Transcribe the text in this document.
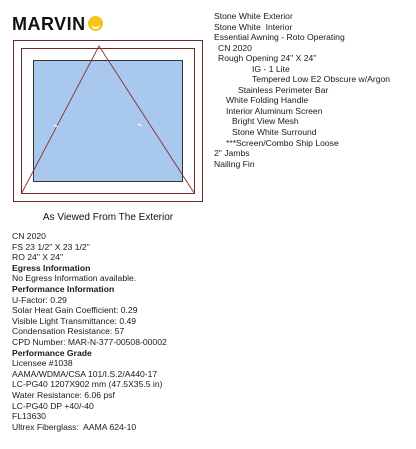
MARVIN
As Viewed From The Exterior
Stone White Exterior
Stone White  Interior
Essential Awning - Roto Operating
CN 2020
Rough Opening 24" X 24"
IG - 1 Lite
Tempered Low E2 Obscure w/Argon
Stainless Perimeter Bar
White Folding Handle
Interior Aluminum Screen
Bright View Mesh
Stone White Surround
***Screen/Combo Ship Loose
2" Jambs
Nailing Fin
CN 2020
FS 23 1/2" X 23 1/2"
RO 24" X 24"
Egress Information
No Egress Information available.
Performance Information
U-Factor: 0.29
Solar Heat Gain Coefficient: 0.29
Visible Light Transmittance: 0.49
Condensation Resistance: 57
CPD Number: MAR-N-377-00508-00002
Performance Grade
Licensee #1038
AAMA/WDMA/CSA 101/I.S.2/A440-17
LC-PG40 1207X902 mm (47.5X35.5 in)
Water Resistance: 6.06 psf
LC-PG40 DP +40/-40
FL13630
Ultrex Fiberglass:  AAMA 624-10
